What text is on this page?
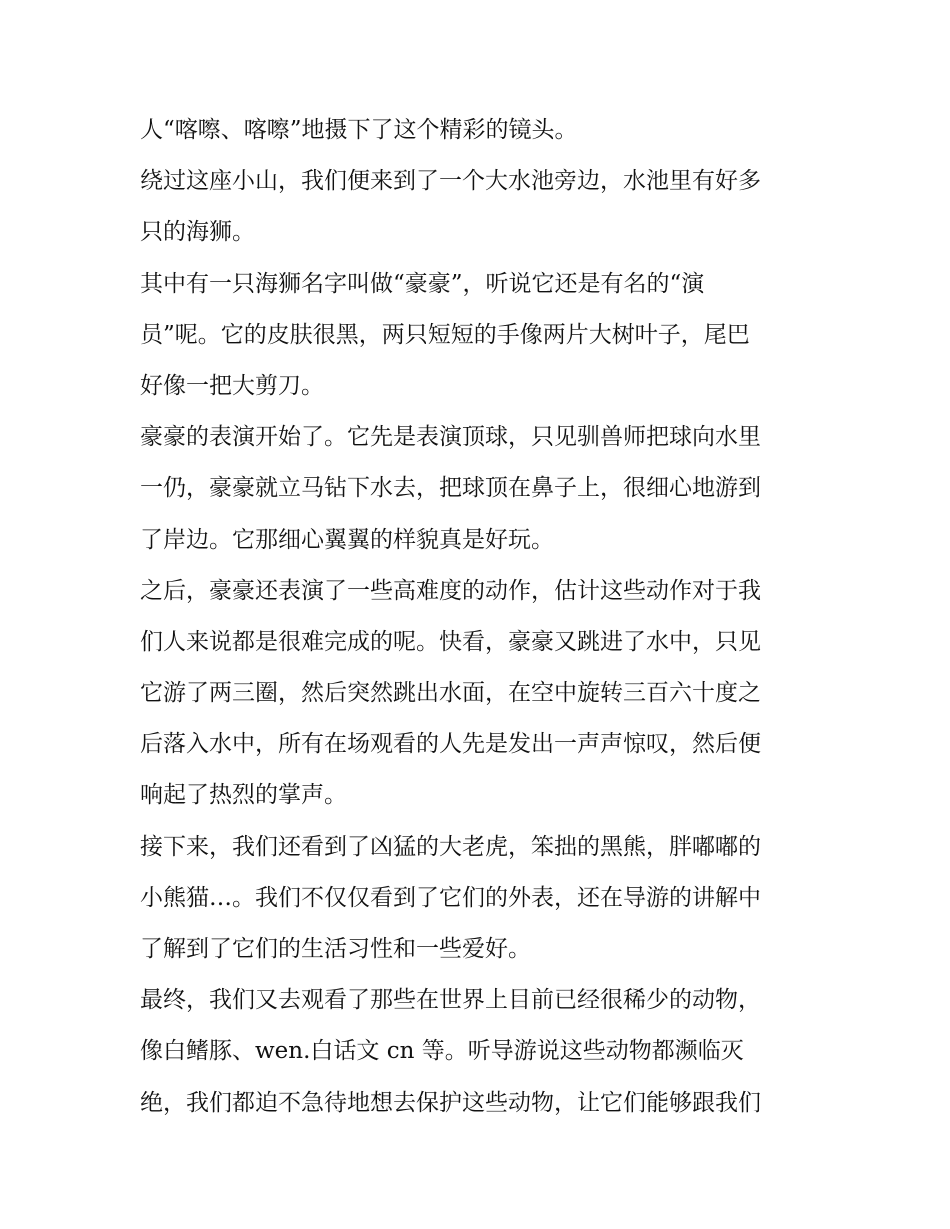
人“喀嚓、喀嚓”地摄下了这个精彩的镜头。
绕过这座小山，我们便来到了一个大水池旁边，水池里有好多
只的海狮。
其中有一只海狮名字叫做“豪豪”，听说它还是有名的“演
员”呢。它的皮肤很黑，两只短短的手像两片大树叶子，尾巴
好像一把大剪刀。
豪豪的表演开始了。它先是表演顶球，只见驯兽师把球向水里
一仍，豪豪就立马钻下水去，把球顶在鼻子上，很细心地游到
了岸边。它那细心翼翼的样貌真是好玩。
之后，豪豪还表演了一些高难度的动作，估计这些动作对于我
们人来说都是很难完成的呢。快看，豪豪又跳进了水中，只见
它游了两三圈，然后突然跳出水面，在空中旋转三百六十度之
后落入水中，所有在场观看的人先是发出一声声惊叹，然后便
响起了热烈的掌声。
接下来，我们还看到了凶猛的大老虎，笨拙的黑熊，胖嘟嘟的
小熊猫…。我们不仅仅看到了它们的外表，还在导游的讲解中
了解到了它们的生活习性和一些爱好。
最终，我们又去观看了那些在世界上目前已经很稀少的动物，
像白鳍豚、wen.白话文 cn 等。听导游说这些动物都濒临灭
绝，我们都迫不急待地想去保护这些动物，让它们能够跟我们
